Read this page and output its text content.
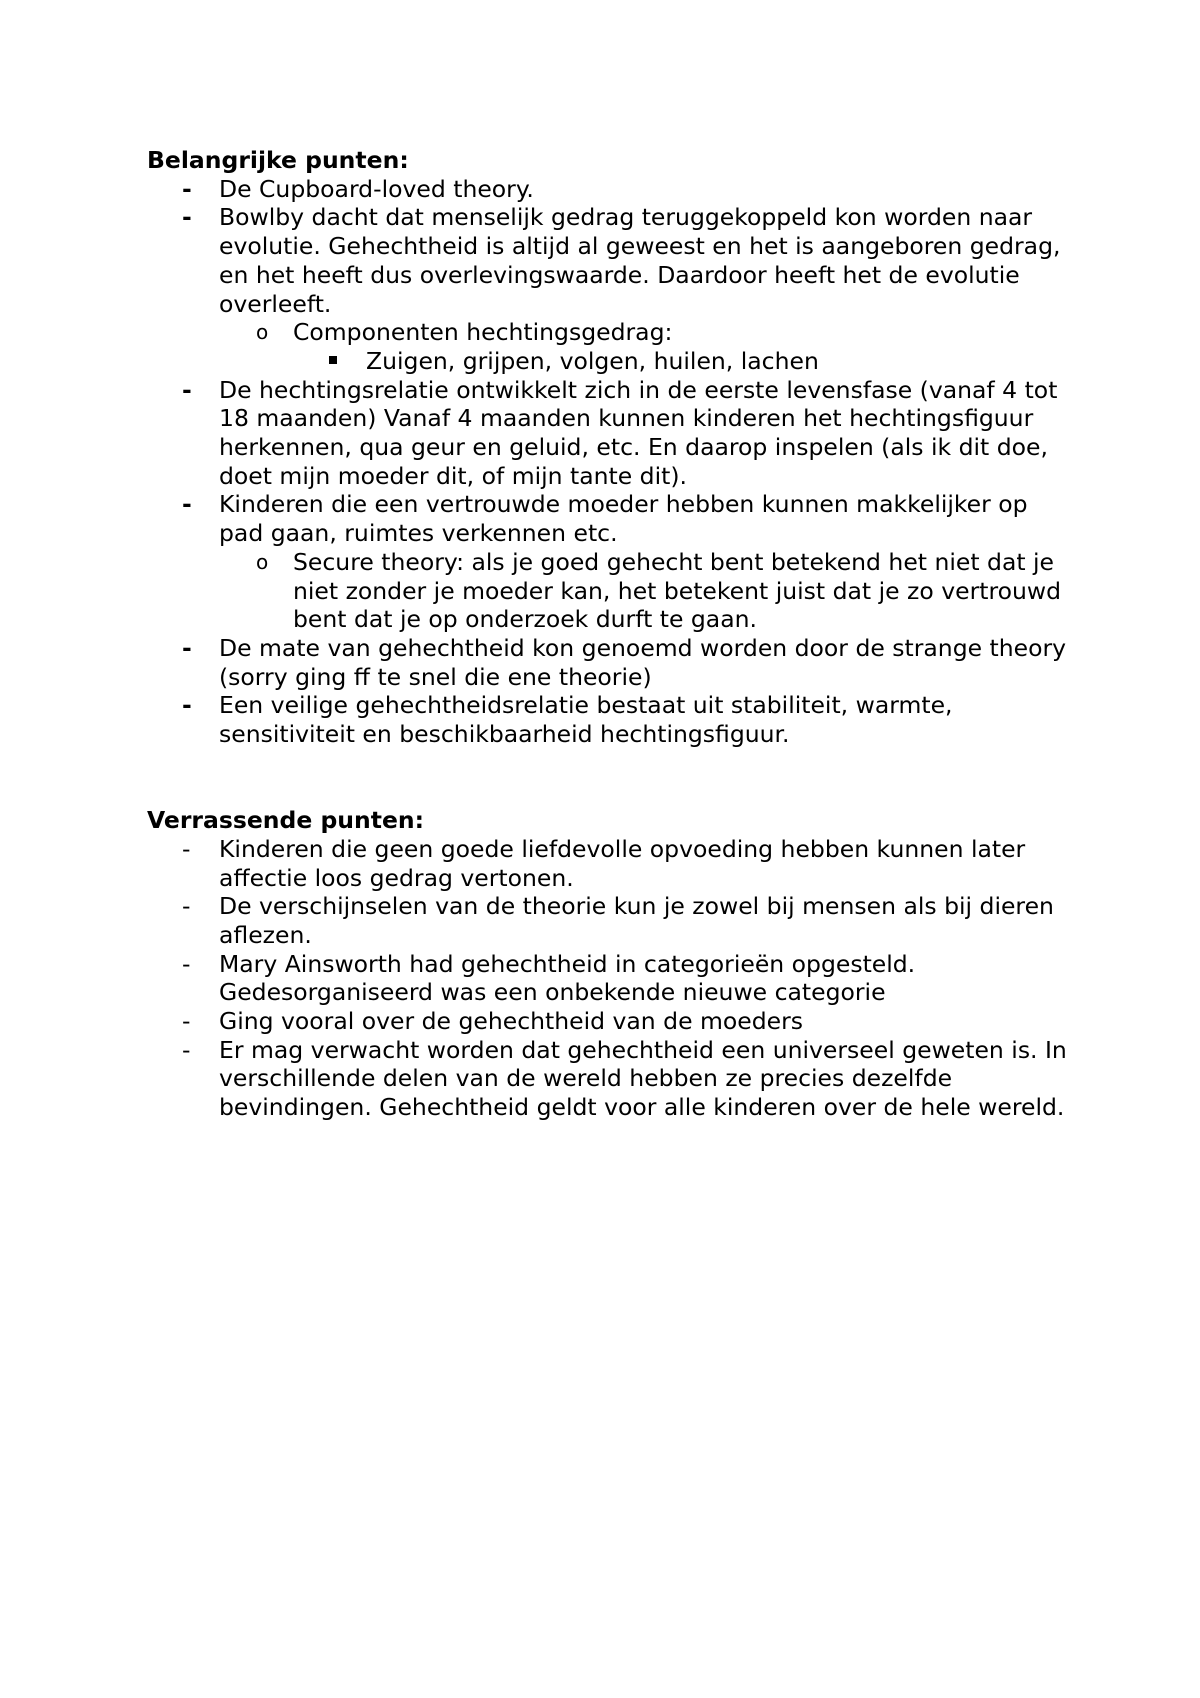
Belangrijke punten:

- De Cupboard-loved theory.
- Bowlby dacht dat menselijk gedrag teruggekoppeld kon worden naar evolutie. Gehechtheid is altijd al geweest en het is aangeboren gedrag, en het heeft dus overlevingswaarde. Daardoor heeft het de evolutie overleeft.
o Componenten hechtingsgedrag:
Zuigen, grijpen, volgen, huilen, lachen
- De hechtingsrelatie ontwikkelt zich in de eerste levensfase (vanaf 4 tot 18 maanden) Vanaf 4 maanden kunnen kinderen het hechtingsfiguur herkennen, qua geur en geluid, etc. En daarop inspelen (als ik dit doe, doet mijn moeder dit, of mijn tante dit).
- Kinderen die een vertrouwde moeder hebben kunnen makkelijker op pad gaan, ruimtes verkennen etc.
o Secure theory: als je goed gehecht bent betekend het niet dat je niet zonder je moeder kan, het betekent juist dat je zo vertrouwd bent dat je op onderzoek durft te gaan.
- De mate van gehechtheid kon genoemd worden door de strange theory (sorry ging ff te snel die ene theorie)
- Een veilige gehechtheidsrelatie bestaat uit stabiliteit, warmte, sensitiviteit en beschikbaarheid hechtingsfiguur.

Verrassende punten:

- Kinderen die geen goede liefdevolle opvoeding hebben kunnen later affectie loos gedrag vertonen.
- De verschijnselen van de theorie kun je zowel bij mensen als bij dieren aflezen.
- Mary Ainsworth had gehechtheid in categorieën opgesteld. Gedesorganiseerd was een onbekende nieuwe categorie
- Ging vooral over de gehechtheid van de moeders
- Er mag verwacht worden dat gehechtheid een universeel geweten is. In verschillende delen van de wereld hebben ze precies dezelfde bevindingen. Gehechtheid geldt voor alle kinderen over de hele wereld.
